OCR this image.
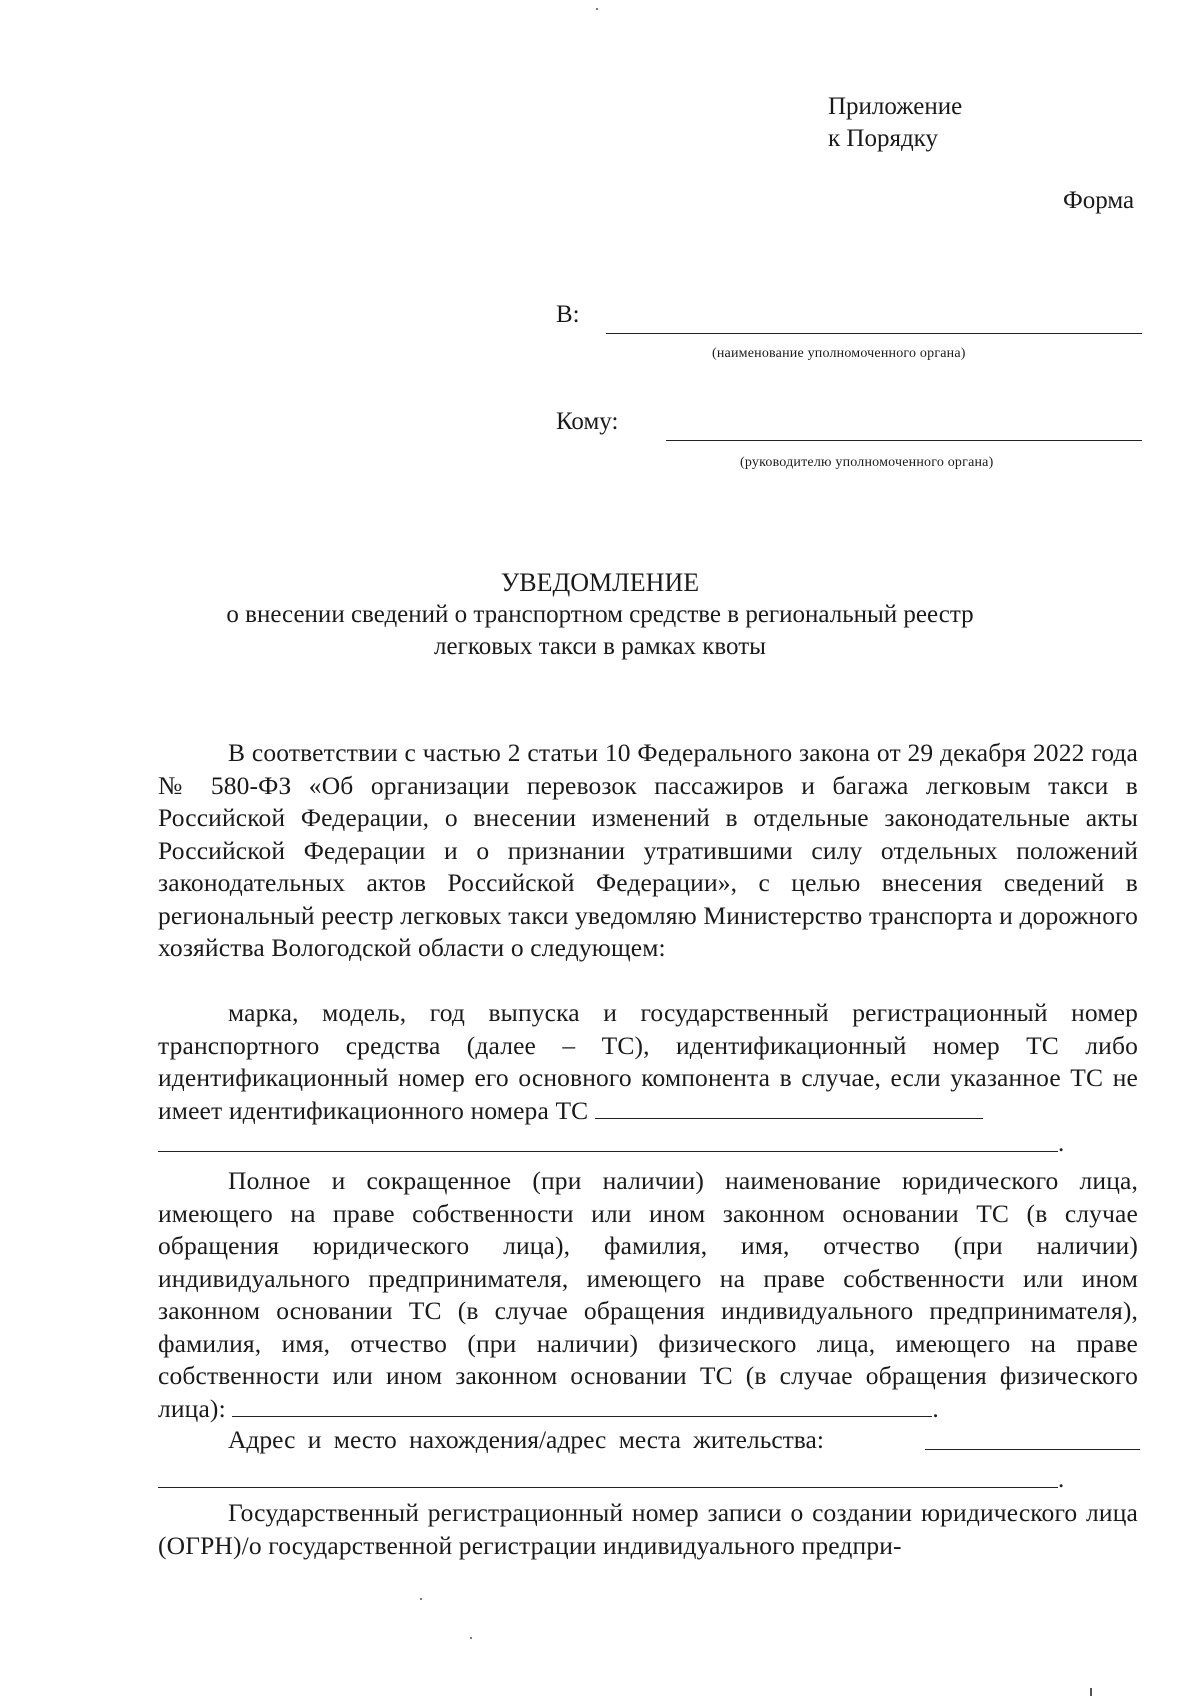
Приложение
к Порядку
Форма
В:
(наименование уполномоченного органа)
Кому:
(руководителю уполномоченного органа)
УВЕДОМЛЕНИЕ
о внесении сведений о транспортном средстве в региональный реестр
легковых такси в рамках квоты

В соответствии с частью 2 статьи 10 Федерального закона от 29 декабря 2022 года № 580-ФЗ «Об организации перевозок пассажиров и багажа легковым такси в Российской Федерации, о внесении изменений в отдельные законодательные акты Российской Федерации и о признании утратившими силу отдельных положений законодательных актов Российской Федерации», с целью внесения сведений в региональный реестр легковых такси уведомляю Министерство транспорта и дорожного хозяйства Вологодской области о следующем:

марка, модель, год выпуска и государственный регистрационный номер транспортного средства (далее – ТС), идентификационный номер ТС либо идентификационный номер его основного компонента в случае, если указанное ТС не имеет идентификационного номера ТС

.

Полное и сокращенное (при наличии) наименование юридического лица, имеющего на праве собственности или ином законном основании ТС (в случае обращения юридического лица), фамилия, имя, отчество (при наличии) индивидуального предпринимателя, имеющего на праве собственности или ином законном основании ТС (в случае обращения индивидуального предпринимателя), фамилия, имя, отчество (при наличии) физического лица, имеющего на праве собственности или ином законном основании ТС (в случае обращения физического лица):	.

Адрес и место нахождения/адрес места жительства:
.

Государственный регистрационный номер записи о создании юридического лица (ОГРН)/о государственной регистрации индивидуального предпри-
